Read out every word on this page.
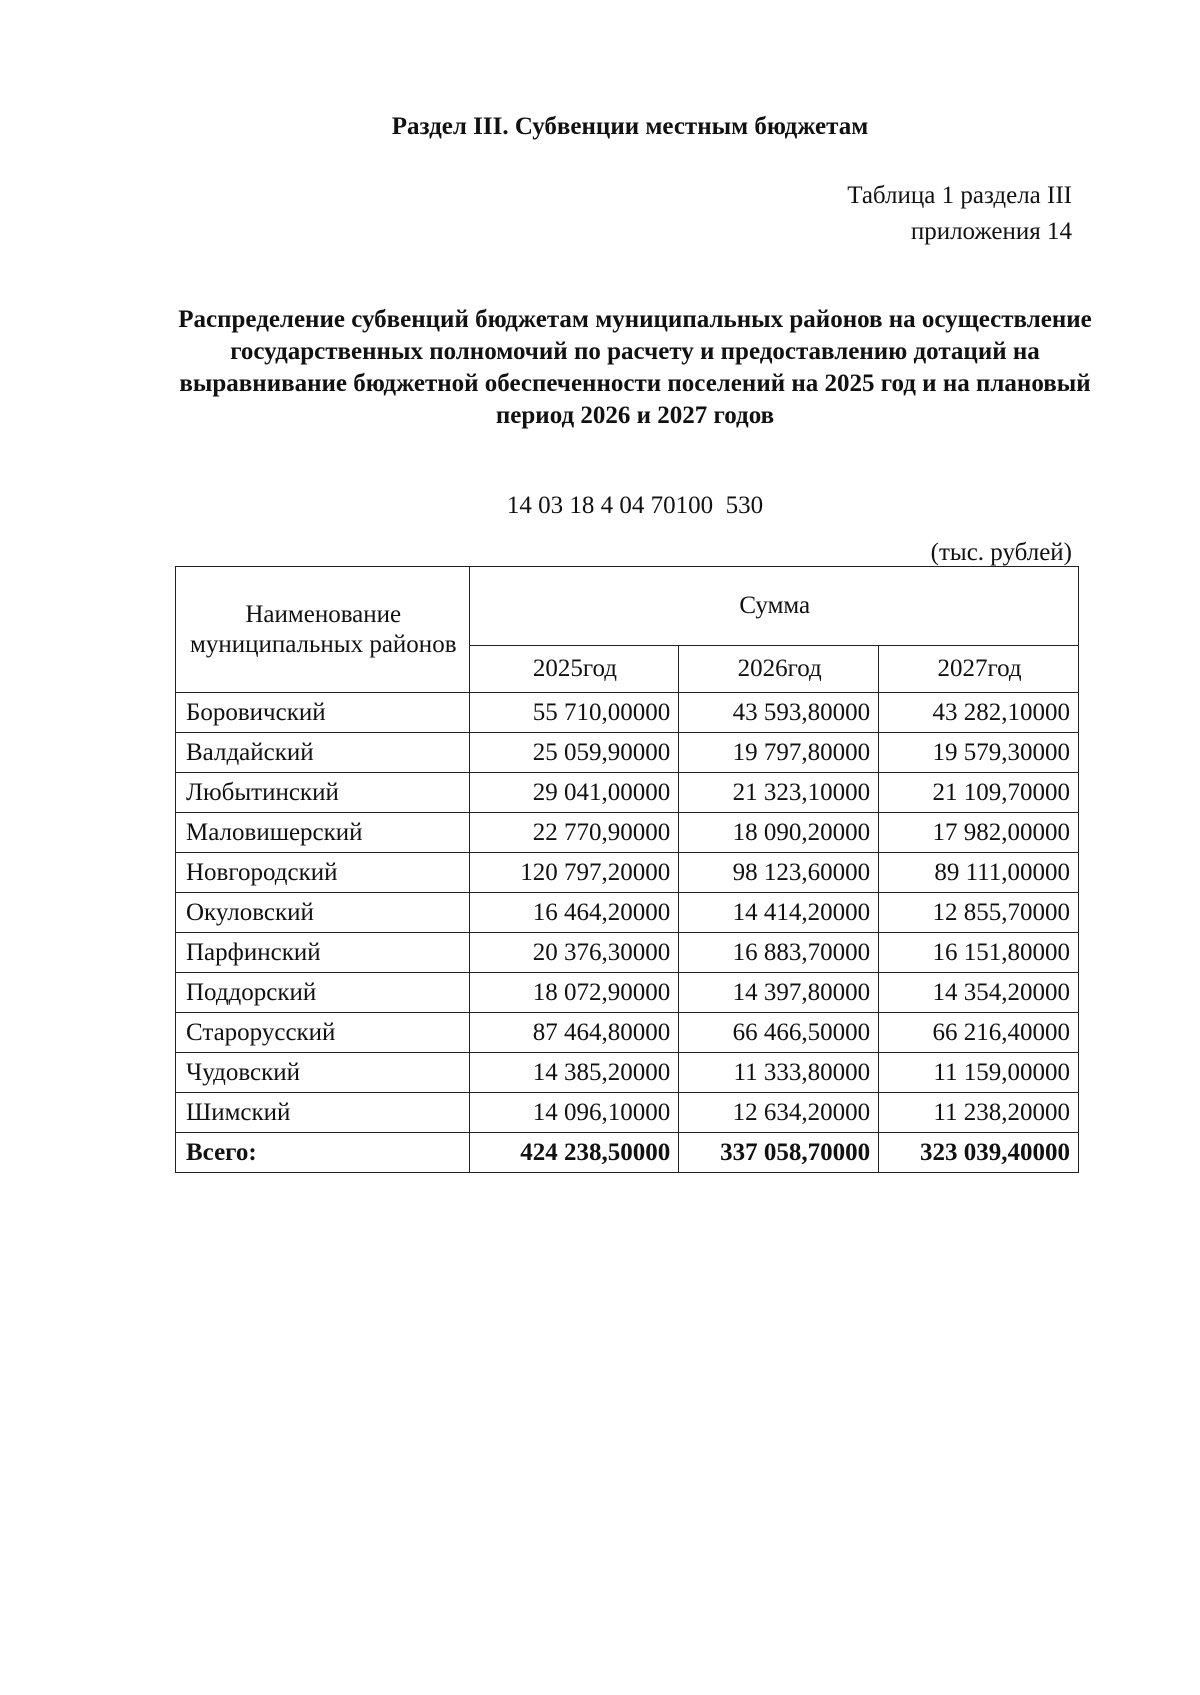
Раздел III. Субвенции местным бюджетам
Таблица 1 раздела III
приложения 14
Распределение субвенций бюджетам муниципальных районов на осуществление государственных полномочий по расчету и предоставлению дотаций на выравнивание бюджетной обеспеченности поселений на 2025 год и на плановый период 2026 и 2027 годов
14 03 18 4 04 70100  530
(тыс. рублей)
Наименование муниципальных районов	Сумма		
	2025год	2026год	2027год
Боровичский	55 710,00000	43 593,80000	43 282,10000
Валдайский	25 059,90000	19 797,80000	19 579,30000
Любытинский	29 041,00000	21 323,10000	21 109,70000
Маловишерский	22 770,90000	18 090,20000	17 982,00000
Новгородский	120 797,20000	98 123,60000	89 111,00000
Окуловский	16 464,20000	14 414,20000	12 855,70000
Парфинский	20 376,30000	16 883,70000	16 151,80000
Поддорский	18 072,90000	14 397,80000	14 354,20000
Старорусский	87 464,80000	66 466,50000	66 216,40000
Чудовский	14 385,20000	11 333,80000	11 159,00000
Шимский	14 096,10000	12 634,20000	11 238,20000
Всего:	424 238,50000	337 058,70000	323 039,40000
